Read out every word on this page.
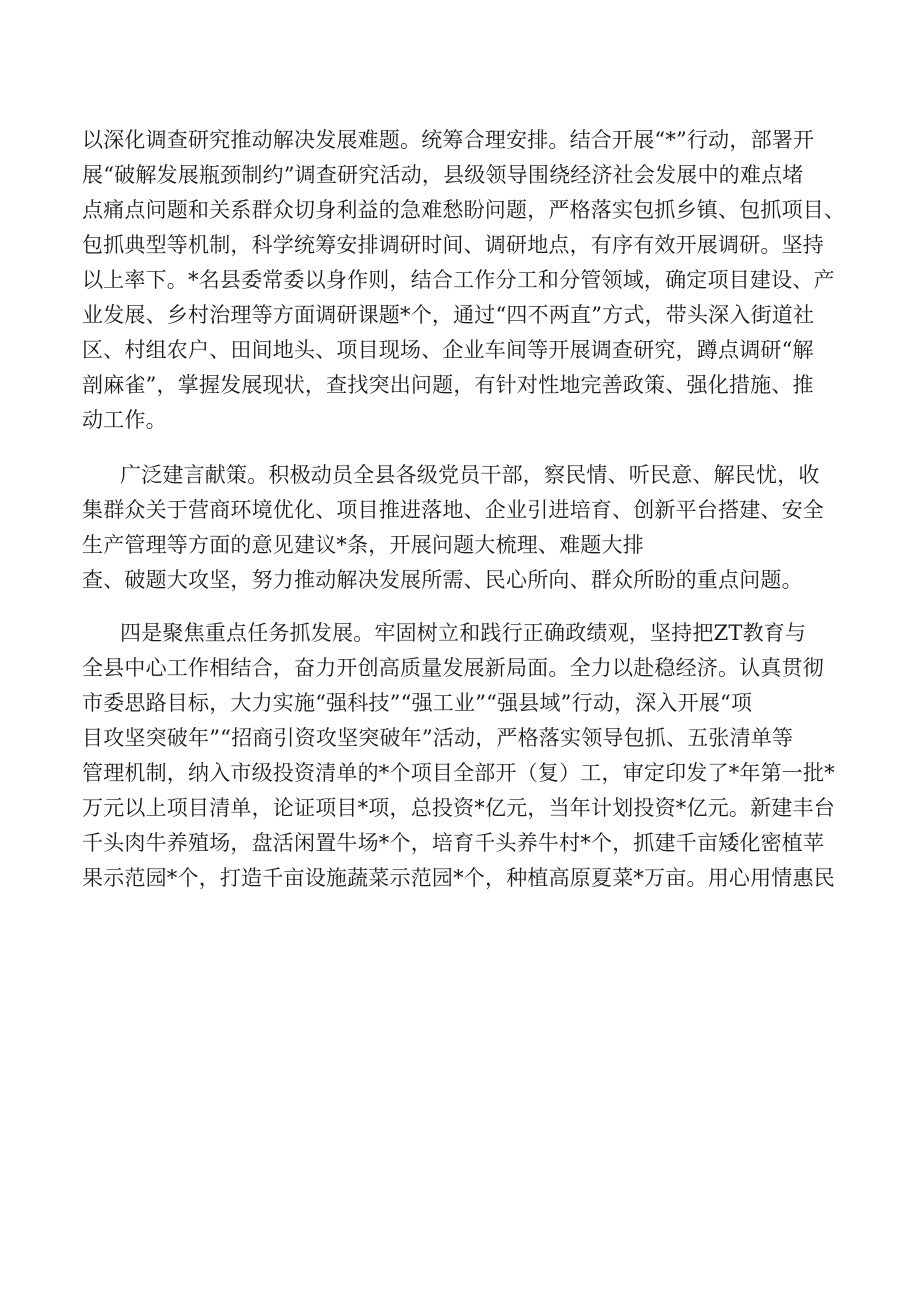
以深化调查研究推动解决发展难题。统筹合理安排。结合开展“*”行动，部署开
展“破解发展瓶颈制约”调查研究活动，县级领导围绕经济社会发展中的难点堵
点痛点问题和关系群众切身利益的急难愁盼问题，严格落实包抓乡镇、包抓项目、
包抓典型等机制，科学统筹安排调研时间、调研地点，有序有效开展调研。坚持
以上率下。*名县委常委以身作则，结合工作分工和分管领域，确定项目建设、产
业发展、乡村治理等方面调研课题*个，通过“四不两直”方式，带头深入街道社
区、村组农户、田间地头、项目现场、企业车间等开展调查研究，蹲点调研“解
剖麻雀”，掌握发展现状，查找突出问题，有针对性地完善政策、强化措施、推
动工作。
广泛建言献策。积极动员全县各级党员干部，察民情、听民意、解民忧，收
集群众关于营商环境优化、项目推进落地、企业引进培育、创新平台搭建、安全
生产管理等方面的意见建议*条，开展问题大梳理、难题大排
查、破题大攻坚，努力推动解决发展所需、民心所向、群众所盼的重点问题。
四是聚焦重点任务抓发展。牢固树立和践行正确政绩观，坚持把ZT教育与
全县中心工作相结合，奋力开创高质量发展新局面。全力以赴稳经济。认真贯彻
市委思路目标，大力实施“强科技”“强工业”“强县域”行动，深入开展“项
目攻坚突破年”“招商引资攻坚突破年”活动，严格落实领导包抓、五张清单等
管理机制，纳入市级投资清单的*个项目全部开（复）工，审定印发了*年第一批*
万元以上项目清单，论证项目*项，总投资*亿元，当年计划投资*亿元。新建丰台
千头肉牛养殖场，盘活闲置牛场*个，培育千头养牛村*个，抓建千亩矮化密植苹
果示范园*个，打造千亩设施蔬菜示范园*个，种植高原夏菜*万亩。用心用情惠民
